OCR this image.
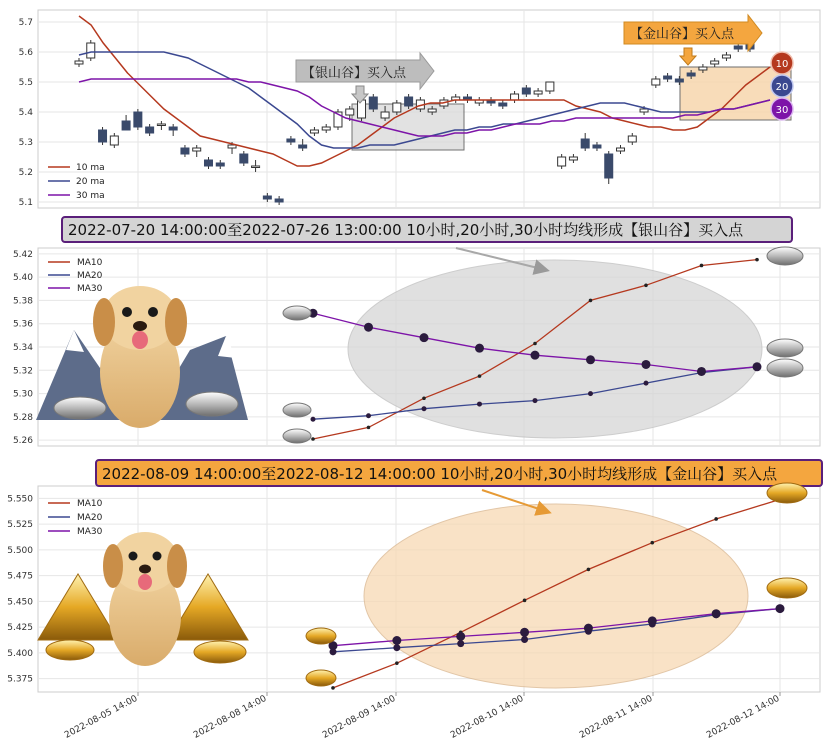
5.1
5.2
5.3
5.4
5.5
5.6
5.7
10 ma
20 ma
30 ma
【银山谷】买入点
【金山谷】买入点
10
20
30
5.26
5.28
5.30
5.32
5.34
5.36
5.38
5.40
5.42
MA10
MA20
MA30
2022-07-20 14:00:00至2022-07-26 13:00:00 10小时,20小时,30小时均线形成【银山谷】买入点
5.375
5.400
5.425
5.450
5.475
5.500
5.525
5.550	MA10
MA20
MA30
2022-08-09 14:00:00至2022-08-12 14:00:00 10小时,20小时,30小时均线形成【金山谷】买入点
2022-08-05 14:00	2022-08-08 14:00	2022-08-09 14:00	2022-08-10 14:00	2022-08-11 14:00	2022-08-12 14:00
